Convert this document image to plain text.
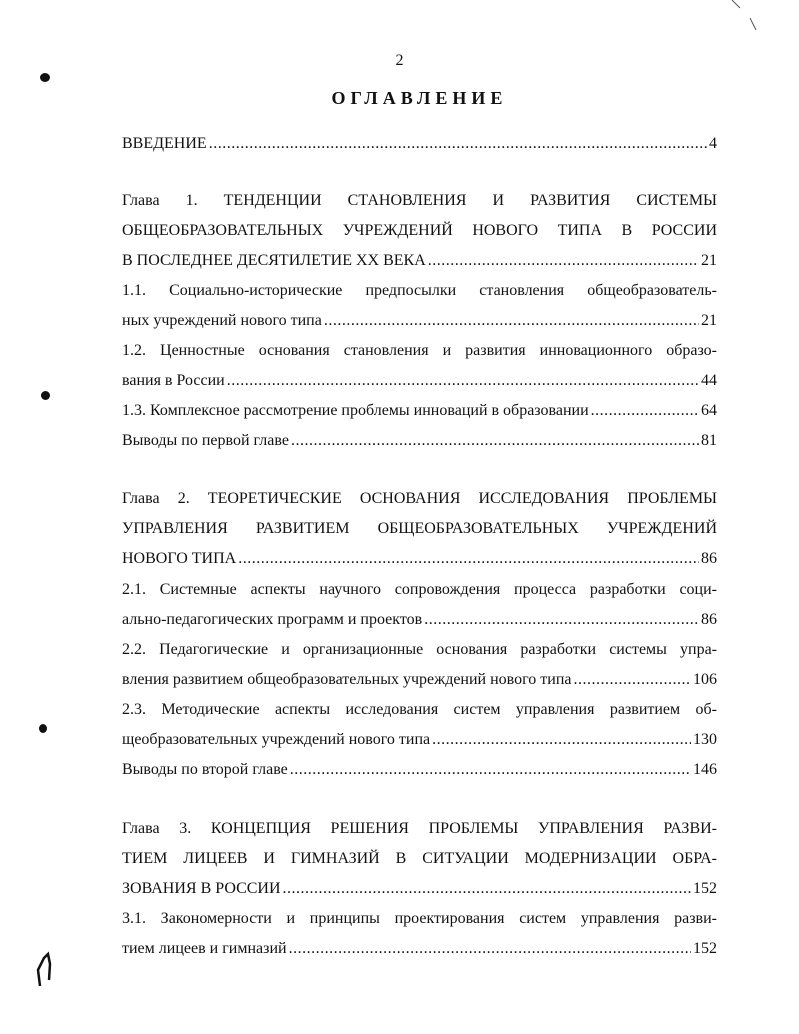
2
ОГЛАВЛЕНИЕ
ВВЕДЕНИЕ .....	4
Глава 1. ТЕНДЕНЦИИ СТАНОВЛЕНИЯ И РАЗВИТИЯ СИСТЕМЫ
ОБЩЕОБРАЗОВАТЕЛЬНЫХ УЧРЕЖДЕНИЙ НОВОГО ТИПА В РОССИИ
В ПОСЛЕДНЕЕ ДЕСЯТИЛЕТИЕ XX ВЕКА .....	21
1.1. Социально-исторические предпосылки становления общеобразователь-
ных учреждений нового типа .....	21
1.2. Ценностные основания становления и развития инновационного образо-
вания в России .....	44
1.3. Комплексное рассмотрение проблемы инноваций в образовании .....	64
Выводы по первой главе .....	81
Глава 2. ТЕОРЕТИЧЕСКИЕ ОСНОВАНИЯ ИССЛЕДОВАНИЯ ПРОБЛЕМЫ
УПРАВЛЕНИЯ РАЗВИТИЕМ ОБЩЕОБРАЗОВАТЕЛЬНЫХ УЧРЕЖДЕНИЙ
НОВОГО ТИПА .....	86
2.1. Системные аспекты научного сопровождения процесса разработки соци-
ально-педагогических программ и проектов .....	86
2.2. Педагогические и организационные основания разработки системы упра-
вления развитием общеобразовательных учреждений нового типа .....	106
2.3. Методические аспекты исследования систем управления развитием об-
щеобразовательных учреждений нового типа .....	130
Выводы по второй главе .....	146
Глава 3. КОНЦЕПЦИЯ РЕШЕНИЯ ПРОБЛЕМЫ УПРАВЛЕНИЯ РАЗВИ-
ТИЕМ ЛИЦЕЕВ И ГИМНАЗИЙ В СИТУАЦИИ МОДЕРНИЗАЦИИ ОБРА-
ЗОВАНИЯ В РОССИИ .....	152
3.1. Закономерности и принципы проектирования систем управления разви-
тием лицеев и гимназий .....	152
